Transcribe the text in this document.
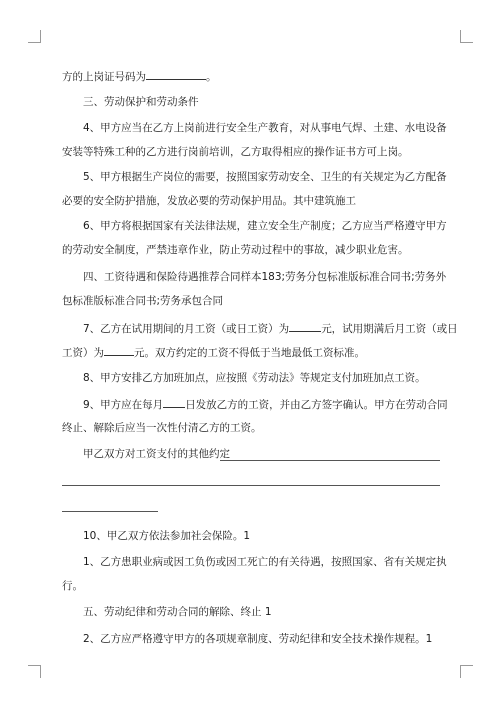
方的上岗证号码为	。
三、劳动保护和劳动条件
4、甲方应当在乙方上岗前进行安全生产教育，对从事电气焊、土建、水电设备
安装等特殊工种的乙方进行岗前培训，乙方取得相应的操作证书方可上岗。
5、甲方根据生产岗位的需要，按照国家劳动安全、卫生的有关规定为乙方配备
必要的安全防护措施，发放必要的劳动保护用品。其中建筑施工
6、甲方将根据国家有关法律法规，建立安全生产制度；乙方应当严格遵守甲方
的劳动安全制度，严禁违章作业，防止劳动过程中的事故，减少职业危害。
四、工资待遇和保险待遇推荐合同样本183;劳务分包标准版标准合同书;劳务外
包标准版标准合同书;劳务承包合同
7、乙方在试用期间的月工资（或日工资）为	元，试用期满后月工资（或日
工资）为	元。双方约定的工资不得低于当地最低工资标准。
8、甲方安排乙方加班加点，应按照《劳动法》等规定支付加班加点工资。
9、甲方应在每月 日发放乙方的工资，并由乙方签字确认。甲方在劳动合同
终止、解除后应当一次性付清乙方的工资。
甲乙双方对工资支付的其他约定
10、甲乙双方依法参加社会保险。1
1、乙方患职业病或因工负伤或因工死亡的有关待遇，按照国家、省有关规定执
行。
五、劳动纪律和劳动合同的解除、终止 1
2、乙方应严格遵守甲方的各项规章制度、劳动纪律和安全技术操作规程。1
